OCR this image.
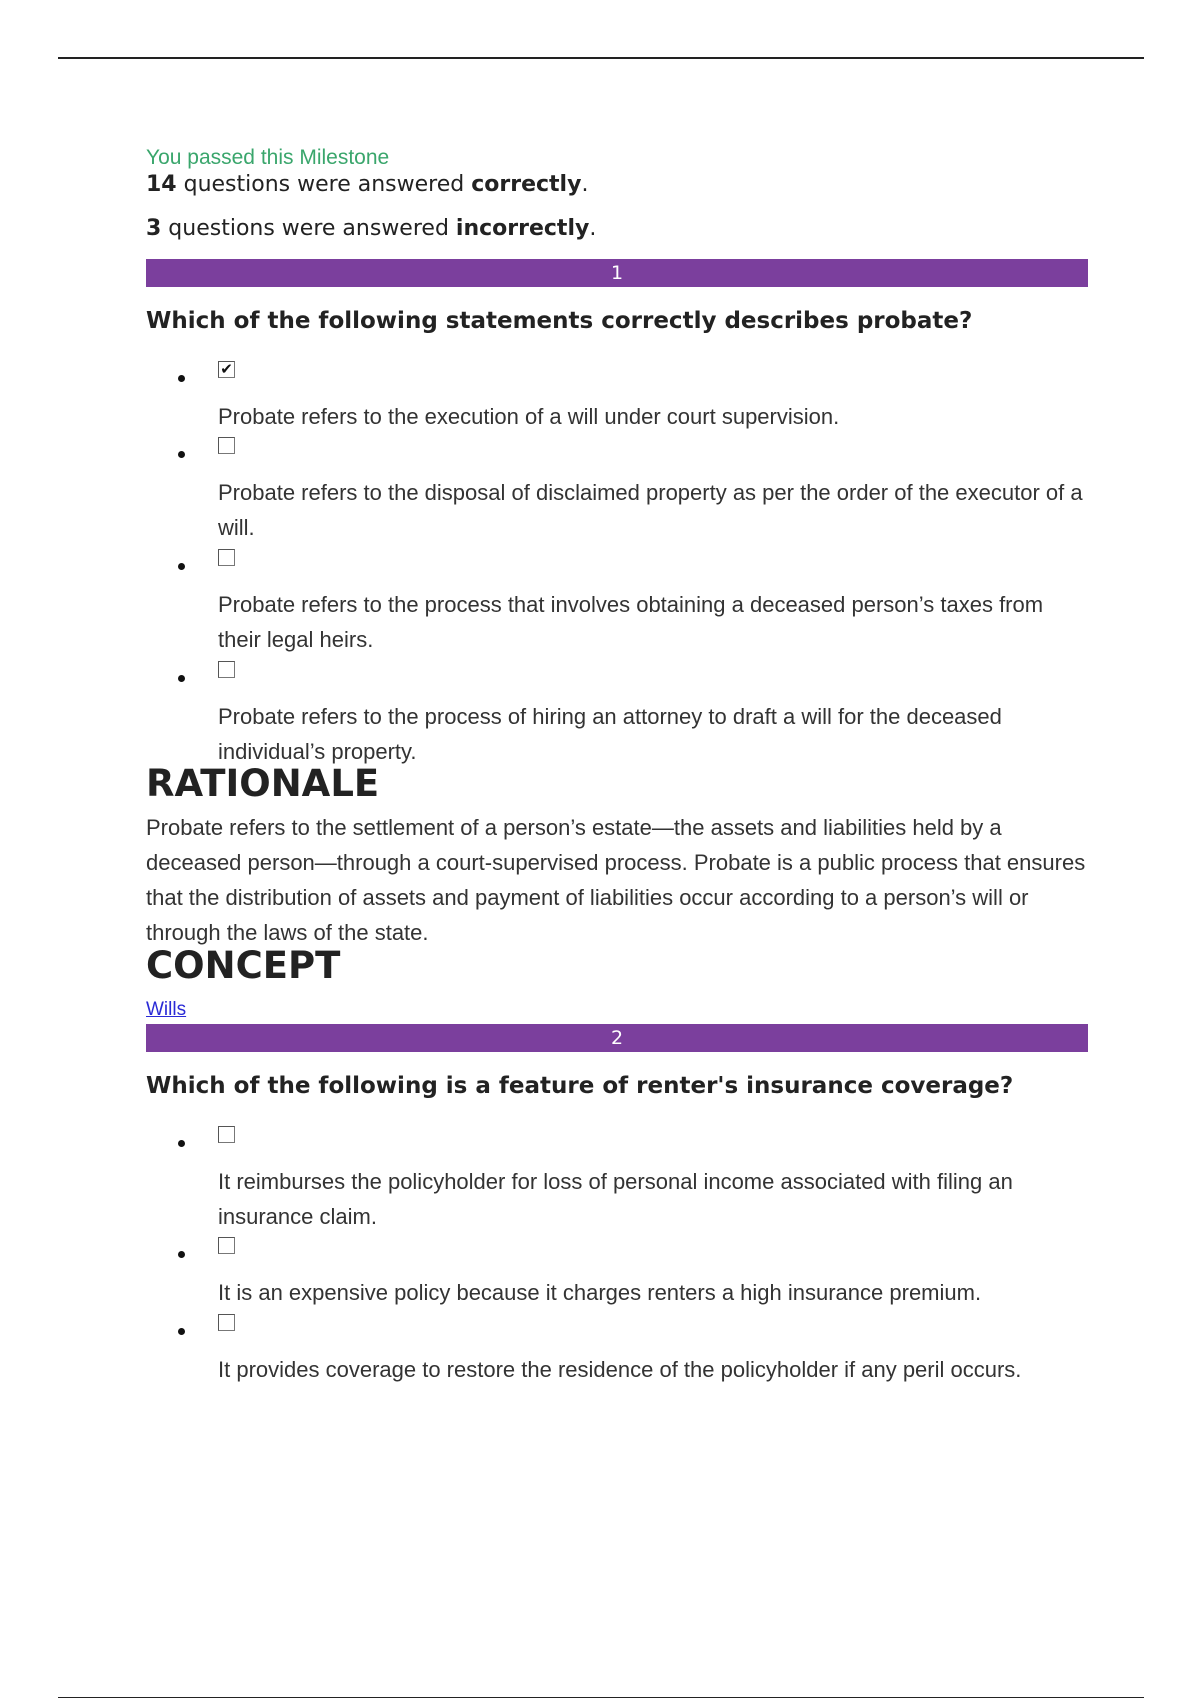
You passed this Milestone
14 questions were answered correctly.
3 questions were answered incorrectly.
1
Which of the following statements correctly describes probate?
✔
Probate refers to the execution of a will under court supervision.
Probate refers to the disposal of disclaimed property as per the order of the executor of a will.
Probate refers to the process that involves obtaining a deceased person’s taxes from their legal heirs.
Probate refers to the process of hiring an attorney to draft a will for the deceased individual’s property.
RATIONALE
Probate refers to the settlement of a person’s estate—the assets and liabilities held by a deceased person—through a court-supervised process. Probate is a public process that ensures that the distribution of assets and payment of liabilities occur according to a person’s will or through the laws of the state.
CONCEPT
Wills
2
Which of the following is a feature of renter's insurance coverage?
It reimburses the policyholder for loss of personal income associated with filing an insurance claim.
It is an expensive policy because it charges renters a high insurance premium.
It provides coverage to restore the residence of the policyholder if any peril occurs.
